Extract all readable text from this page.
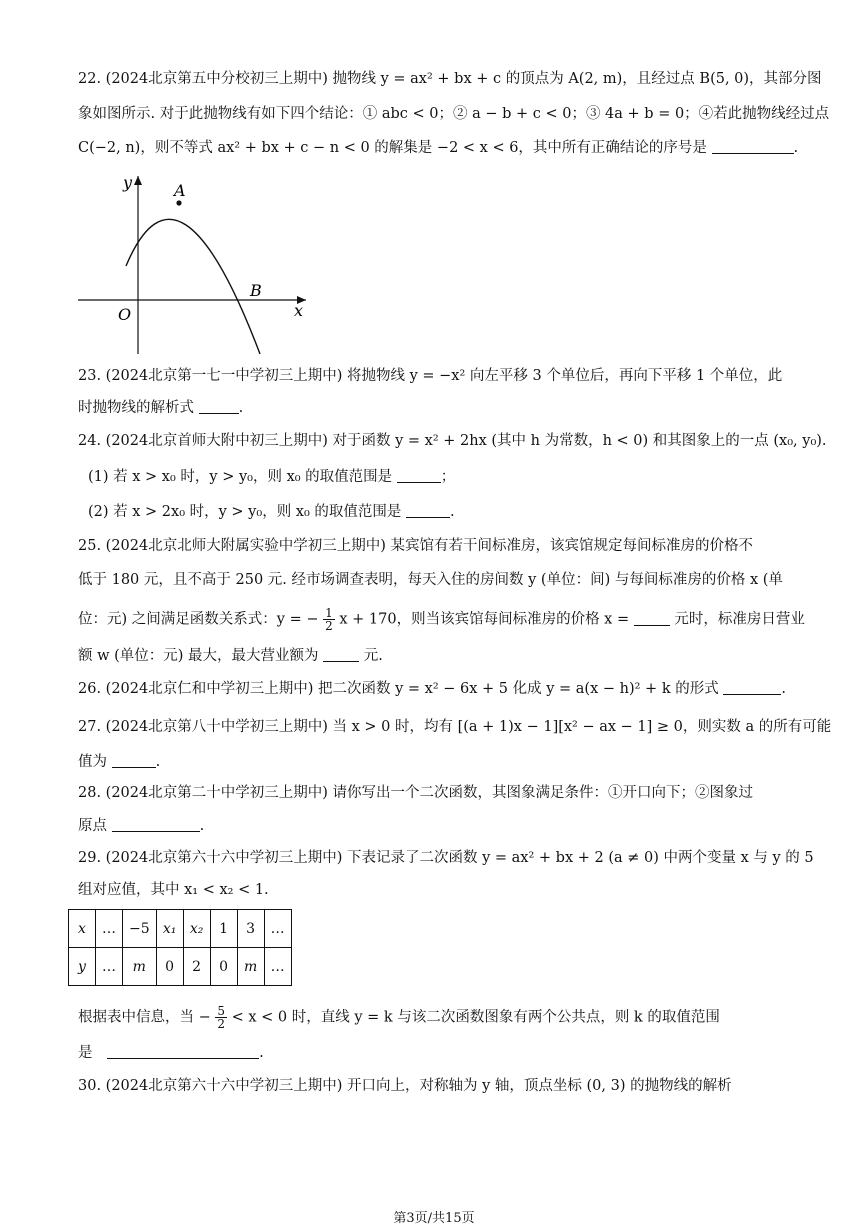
22. (2024北京第五中分校初三上期中) 抛物线 y = ax² + bx + c 的顶点为 A(2, m)，且经过点 B(5, 0)，其部分图
象如图所示. 对于此抛物线有如下四个结论：① abc < 0；② a − b + c < 0；③ 4a + b = 0；④若此抛物线经过点
C(−2, n)，则不等式 ax² + bx + c − n < 0 的解集是 −2 < x < 6，其中所有正确结论的序号是	.
y
x
O
A
B
23. (2024北京第一七一中学初三上期中) 将抛物线 y = −x² 向左平移 3 个单位后，再向下平移 1 个单位，此
时抛物线的解析式	.
24. (2024北京首师大附中初三上期中) 对于函数 y = x² + 2hx (其中 h 为常数，h < 0) 和其图象上的一点 (x₀, y₀).
(1) 若 x > x₀ 时，y > y₀，则 x₀ 的取值范围是	；
(2) 若 x > 2x₀ 时，y > y₀，则 x₀ 的取值范围是	.
25. (2024北京北师大附属实验中学初三上期中) 某宾馆有若干间标准房，该宾馆规定每间标准房的价格不
低于 180 元，且不高于 250 元. 经市场调查表明，每天入住的房间数 y (单位：间) 与每间标准房的价格 x (单
位：元) 之间满足函数关系式：y = − $\frac{1}{2}$ x + 170，则当该宾馆每间标准房的价格 x =	元时，标准房日营业
额 w (单位：元) 最大，最大营业额为	元.
26. (2024北京仁和中学初三上期中) 把二次函数 y = x² − 6x + 5 化成 y = a(x − h)² + k 的形式	.
27. (2024北京第八十中学初三上期中) 当 x > 0 时，均有 [(a + 1)x − 1][x² − ax − 1] ≥ 0，则实数 a 的所有可能
值为	.
28. (2024北京第二十中学初三上期中) 请你写出一个二次函数，其图象满足条件：①开口向下；②图象过
原点	.
29. (2024北京第六十六中学初三上期中) 下表记录了二次函数 y = ax² + bx + 2 (a ≠ 0) 中两个变量 x 与 y 的 5
组对应值，其中 x₁ < x₂ < 1.
x	…	−5	x₁	x₂	1	3	…
y	…	m	0	2	0	m	…
根据表中信息，当 − $\frac{5}{2} < x < 0$ 时，直线 y = k 与该二次函数图象有两个公共点，则 k 的取值范围
是	.
30. (2024北京第六十六中学初三上期中) 开口向上，对称轴为 y 轴，顶点坐标 (0, 3) 的抛物线的解析
第3页/共15页
